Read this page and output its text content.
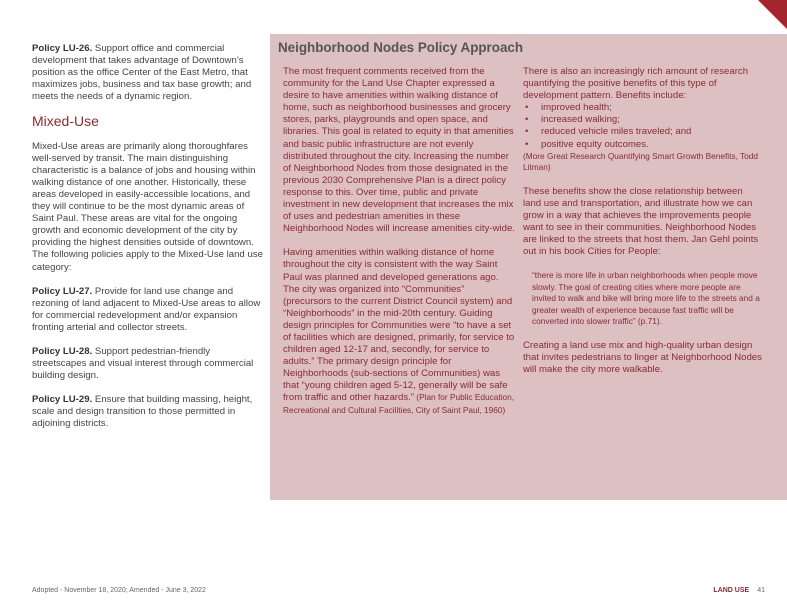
Policy LU-26. Support office and commercial development that takes advantage of Downtown’s position as the office Center of the East Metro, that maximizes jobs, business and tax base growth; and meets the needs of a dynamic region.

Mixed-Use

Mixed-Use areas are primarily along thoroughfares well-served by transit. The main distinguishing characteristic is a balance of jobs and housing within walking distance of one another. Historically, these areas developed in easily-accessible locations, and they will continue to be the most dynamic areas of Saint Paul. These areas are vital for the ongoing growth and economic development of the city by providing the highest densities outside of downtown. The following policies apply to the Mixed-Use land use category:

Policy LU-27. Provide for land use change and rezoning of land adjacent to Mixed-Use areas to allow for commercial redevelopment and/or expansion fronting arterial and collector streets.

Policy LU-28. Support pedestrian-friendly streetscapes and visual interest through commercial building design.

Policy LU-29. Ensure that building massing, height, scale and design transition to those permitted in adjoining districts.

Neighborhood Nodes Policy Approach

The most frequent comments received from the community for the Land Use Chapter expressed a desire to have amenities within walking distance of home, such as neighborhood businesses and grocery stores, parks, playgrounds and open space, and libraries. This goal is related to equity in that amenities and basic public infrastructure are not evenly distributed throughout the city. Increasing the number of Neighborhood Nodes from those designated in the previous 2030 Comprehensive Plan is a direct policy response to this. Over time, public and private investment in new development that increases the mix of uses and pedestrian amenities in these Neighborhood Nodes will increase amenities city-wide.

Having amenities within walking distance of home throughout the city is consistent with the way Saint Paul was planned and developed generations ago. The city was organized into “Communities” (precursors to the current District Council system) and “Neighborhoods” in the mid-20th century. Guiding design principles for Communities were “to have a set of facilities which are designed, primarily, for service to children aged 12-17 and, secondly, for service to adults.” The primary design principle for Neighborhoods (sub-sections of Communities) was that “young children aged 5-12, generally will be safe from traffic and other hazards.” (Plan for Public Education, Recreational and Cultural Facilities, City of Saint Paul, 1960)

There is also an increasingly rich amount of research quantifying the positive benefits of this type of development pattern. Benefits include:

• improved health;
• increased walking;
• reduced vehicle miles traveled; and
• positive equity outcomes.

(More Great Research Quantifying Smart Growth Benefits, Todd Litman)

These benefits show the close relationship between land use and transportation, and illustrate how we can grow in a way that achieves the improvements people want to see in their communities. Neighborhood Nodes are linked to the streets that host them. Jan Gehl points out in his book Cities for People:

“there is more life in urban neighborhoods when people move slowly. The goal of creating cities where more people are invited to walk and bike will bring more life to the streets and a greater wealth of experience because fast traffic will be converted into slower traffic” (p.71).

Creating a land use mix and high-quality urban design that invites pedestrians to linger at Neighborhood Nodes will make the city more walkable.

Adopted - November 18, 2020; Amended - June 3, 2022	LAND USE 41
